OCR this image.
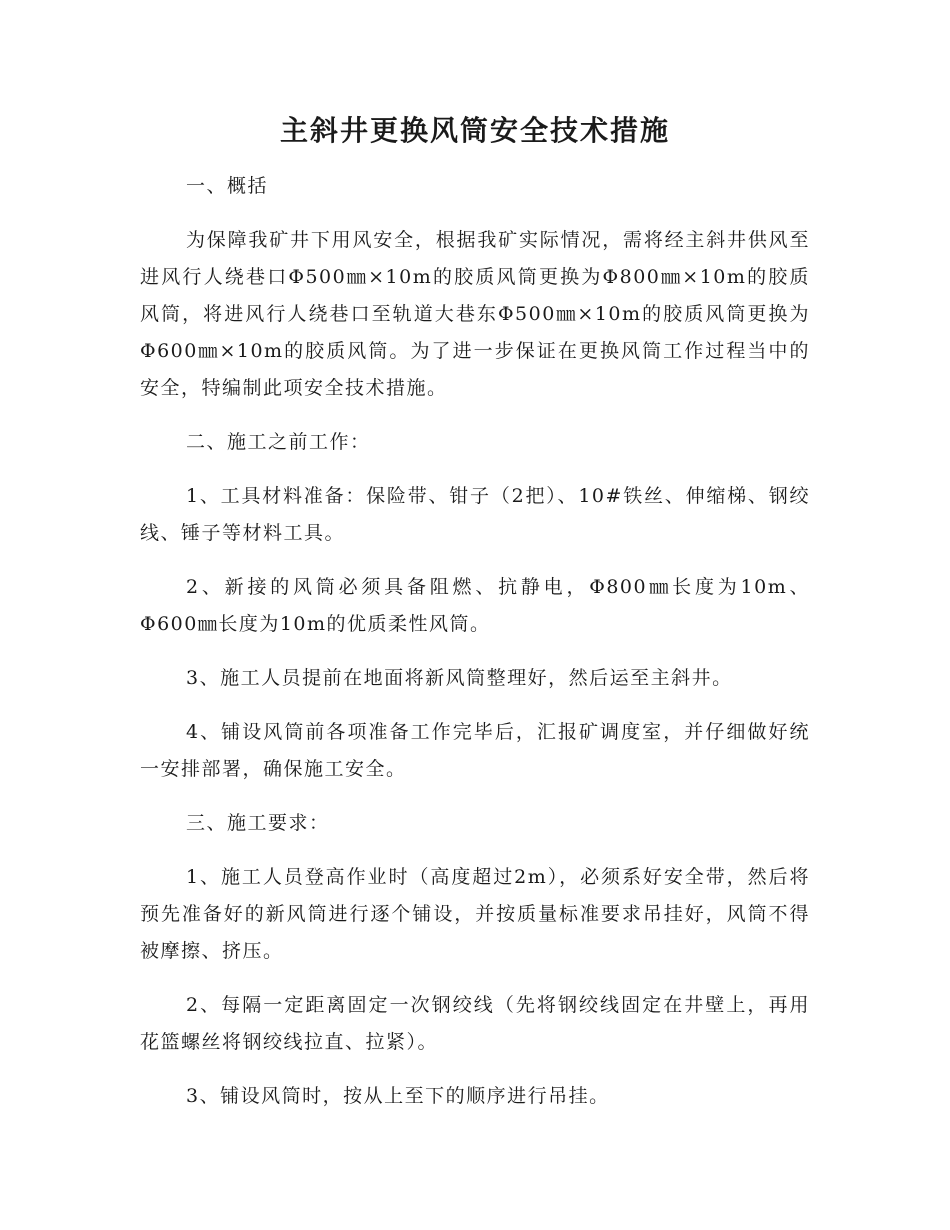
主斜井更换风筒安全技术措施

一、概括

为保障我矿井下用风安全，根据我矿实际情况，需将经主斜井供风至进风行人绕巷口Φ500㎜×10m的胶质风筒更换为Φ800㎜×10m的胶质风筒，将进风行人绕巷口至轨道大巷东Φ500㎜×10m的胶质风筒更换为Φ600㎜×10m的胶质风筒。为了进一步保证在更换风筒工作过程当中的安全，特编制此项安全技术措施。

二、施工之前工作：

1、工具材料准备：保险带、钳子（2把）、10#铁丝、伸缩梯、钢绞线、锤子等材料工具。

2、新接的风筒必须具备阻燃、抗静电，Φ800㎜长度为10m、Φ600㎜长度为10m的优质柔性风筒。

3、施工人员提前在地面将新风筒整理好，然后运至主斜井。

4、铺设风筒前各项准备工作完毕后，汇报矿调度室，并仔细做好统一安排部署，确保施工安全。

三、施工要求：

1、施工人员登高作业时（高度超过2m），必须系好安全带，然后将预先准备好的新风筒进行逐个铺设，并按质量标准要求吊挂好，风筒不得被摩擦、挤压。

2、每隔一定距离固定一次钢绞线（先将钢绞线固定在井壁上，再用花篮螺丝将钢绞线拉直、拉紧）。

3、铺设风筒时，按从上至下的顺序进行吊挂。
